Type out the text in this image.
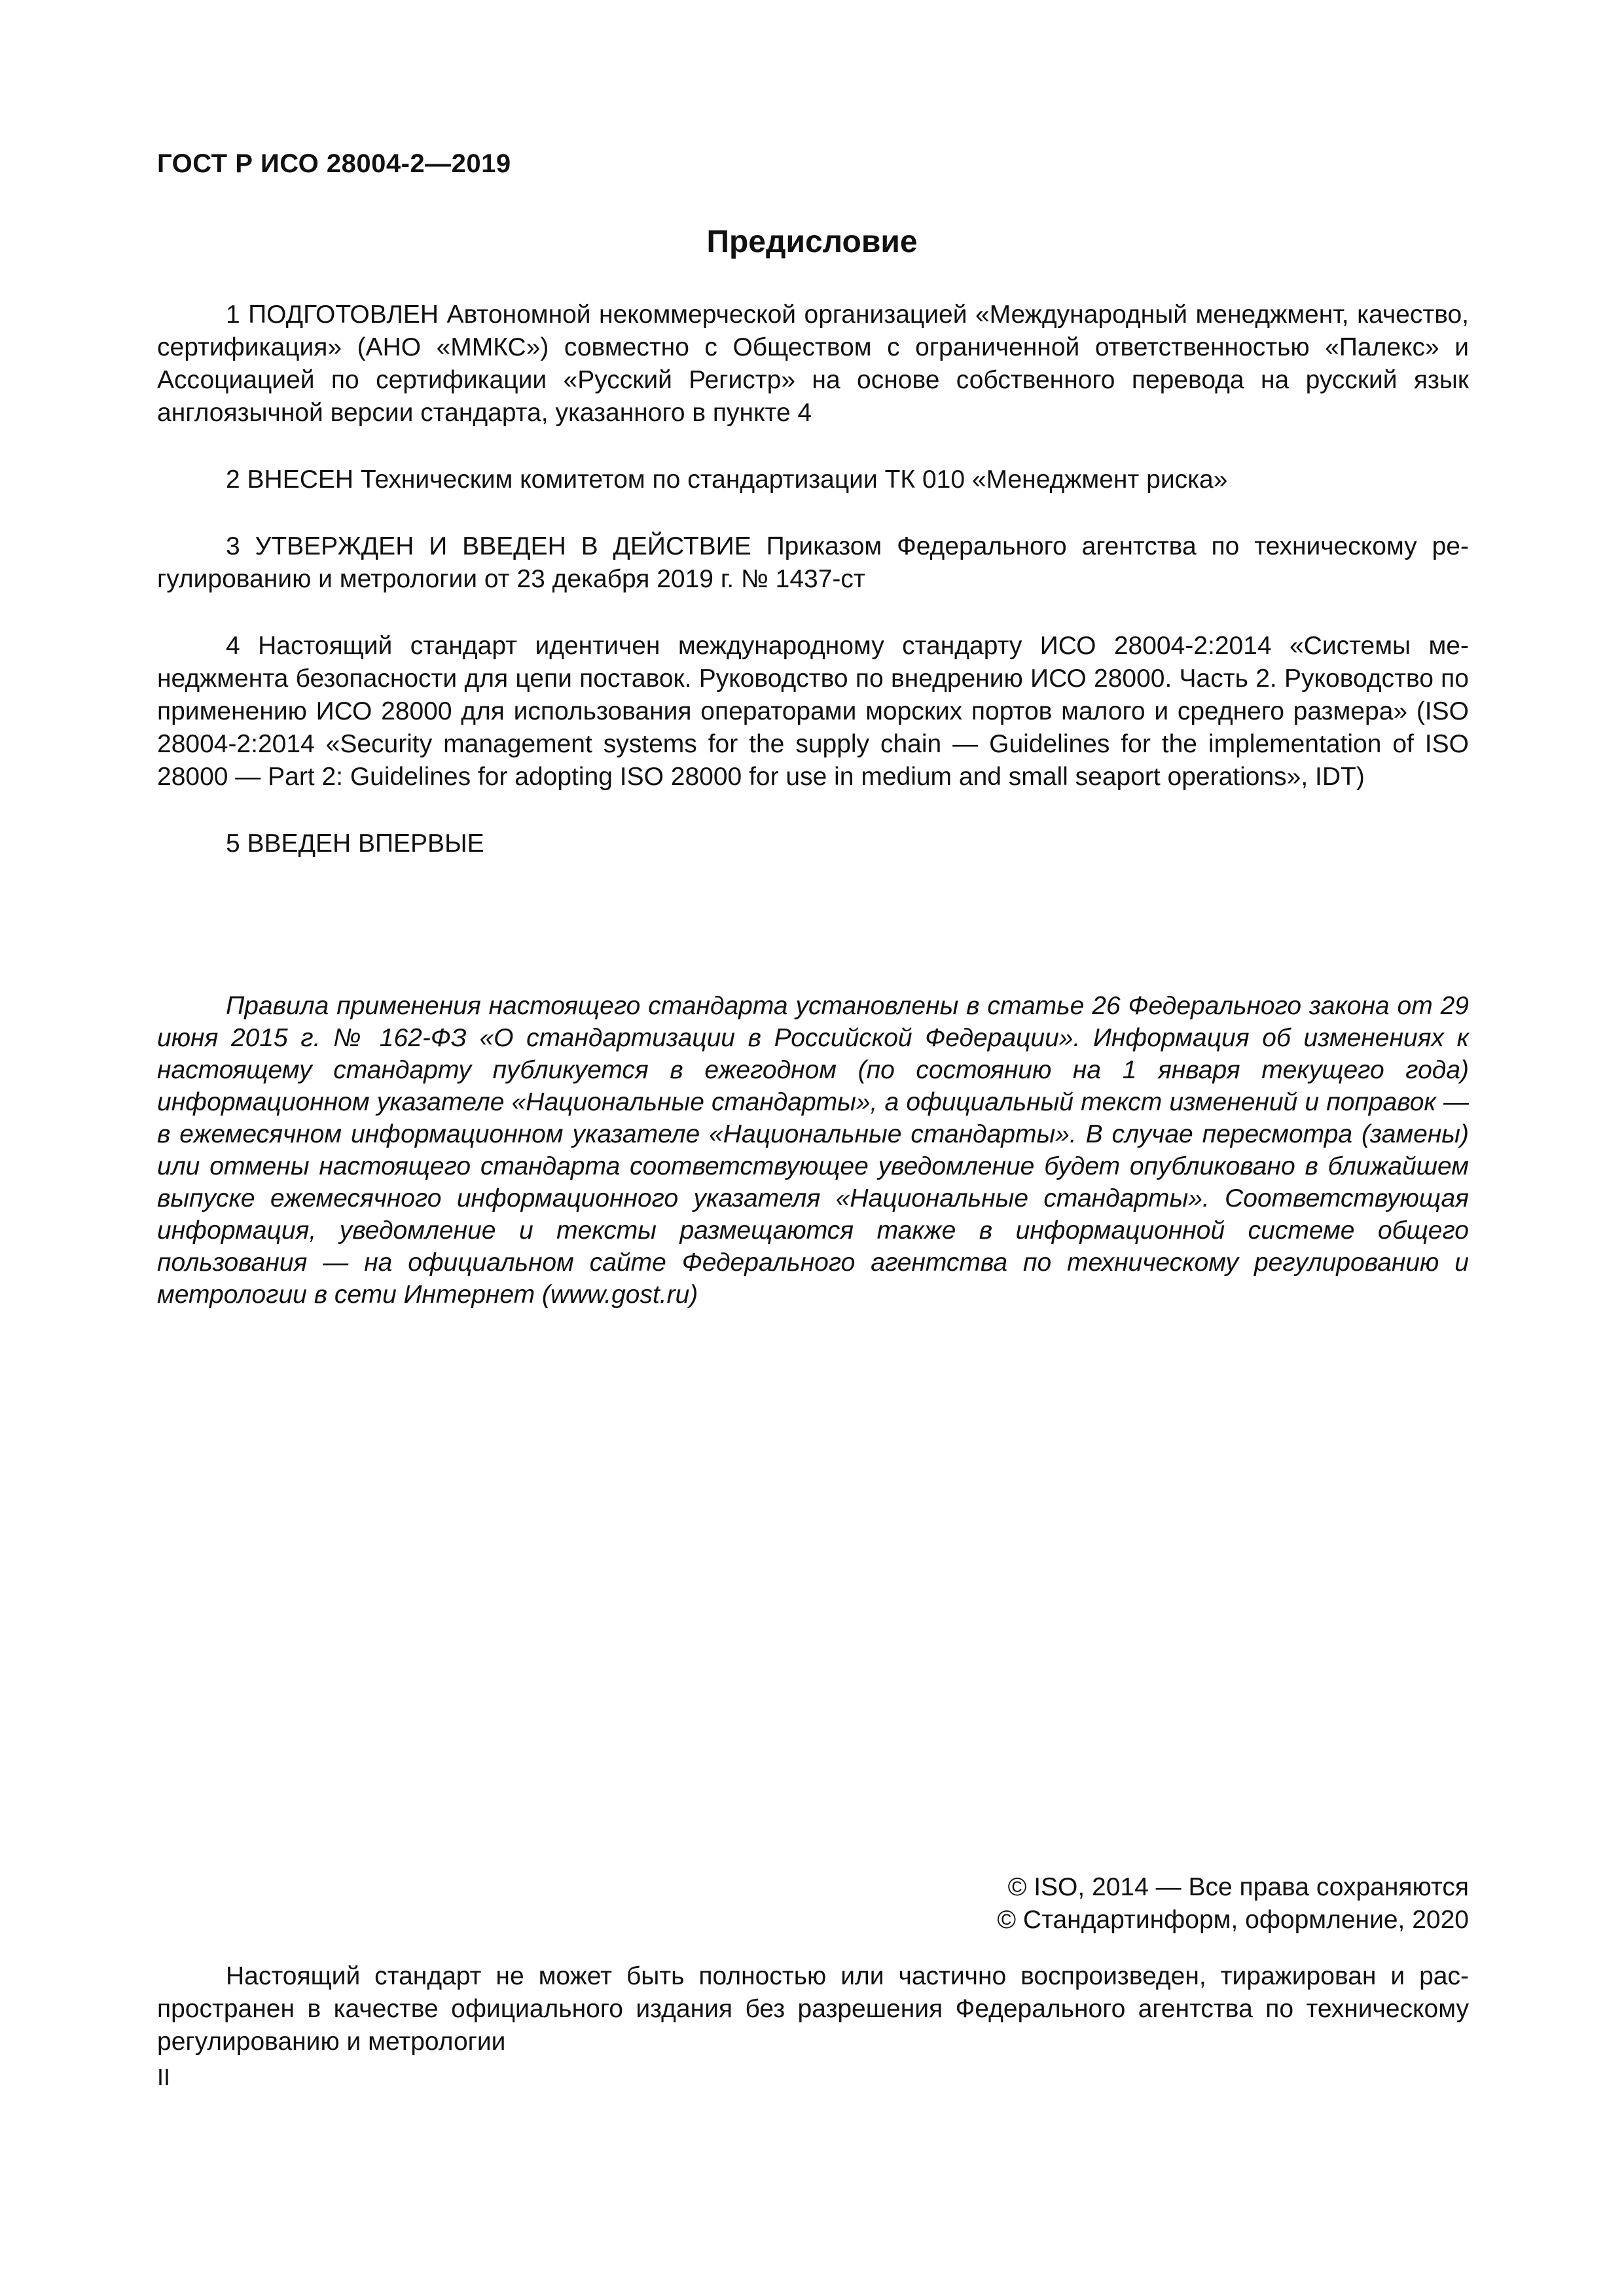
ГОСТ Р ИСО 28004-2—2019
Предисловие

1 ПОДГОТОВЛЕН Автономной некоммерческой организацией «Международный менеджмент, качество, сертификация» (АНО «ММКС») совместно с Обществом с ограниченной ответственностью «Палекс» и Ассоциацией по сертификации «Русский Регистр» на основе собственного перевода на русский язык англоязычной версии стандарта, указанного в пункте 4

2 ВНЕСЕН Техническим комитетом по стандартизации ТК 010 «Менеджмент риска»

3 УТВЕРЖДЕН И ВВЕДЕН В ДЕЙСТВИЕ Приказом Федерального агентства по техническому регулированию и метрологии от 23 декабря 2019 г. № 1437-ст

4 Настоящий стандарт идентичен международному стандарту ИСО 28004-2:2014 «Системы менеджмента безопасности для цепи поставок. Руководство по внедрению ИСО 28000. Часть 2. Руководство по применению ИСО 28000 для использования операторами морских портов малого и среднего размера» (ISO 28004-2:2014 «Security management systems for the supply chain — Guidelines for the implementation of ISO 28000 — Part 2: Guidelines for adopting ISO 28000 for use in medium and small seaport operations», IDT)

5 ВВЕДЕН ВПЕРВЫЕ

Правила применения настоящего стандарта установлены в статье 26 Федерального закона от 29 июня 2015 г. № 162-ФЗ «О стандартизации в Российской Федерации». Информация об изменениях к настоящему стандарту публикуется в ежегодном (по состоянию на 1 января текущего года) информационном указателе «Национальные стандарты», а официальный текст изменений и поправок — в ежемесячном информационном указателе «Национальные стандарты». В случае пересмотра (замены) или отмены настоящего стандарта соответствующее уведомление будет опубликовано в ближайшем выпуске ежемесячного информационного указателя «Национальные стандарты». Соответствующая информация, уведомление и тексты размещаются также в информационной системе общего пользования — на официальном сайте Федерального агентства по техническому регулированию и метрологии в сети Интернет (www.gost.ru)

© ISO, 2014 — Все права сохраняются
© Стандартинформ, оформление, 2020

Настоящий стандарт не может быть полностью или частично воспроизведен, тиражирован и распространен в качестве официального издания без разрешения Федерального агентства по техническому регулированию и метрологии

II
